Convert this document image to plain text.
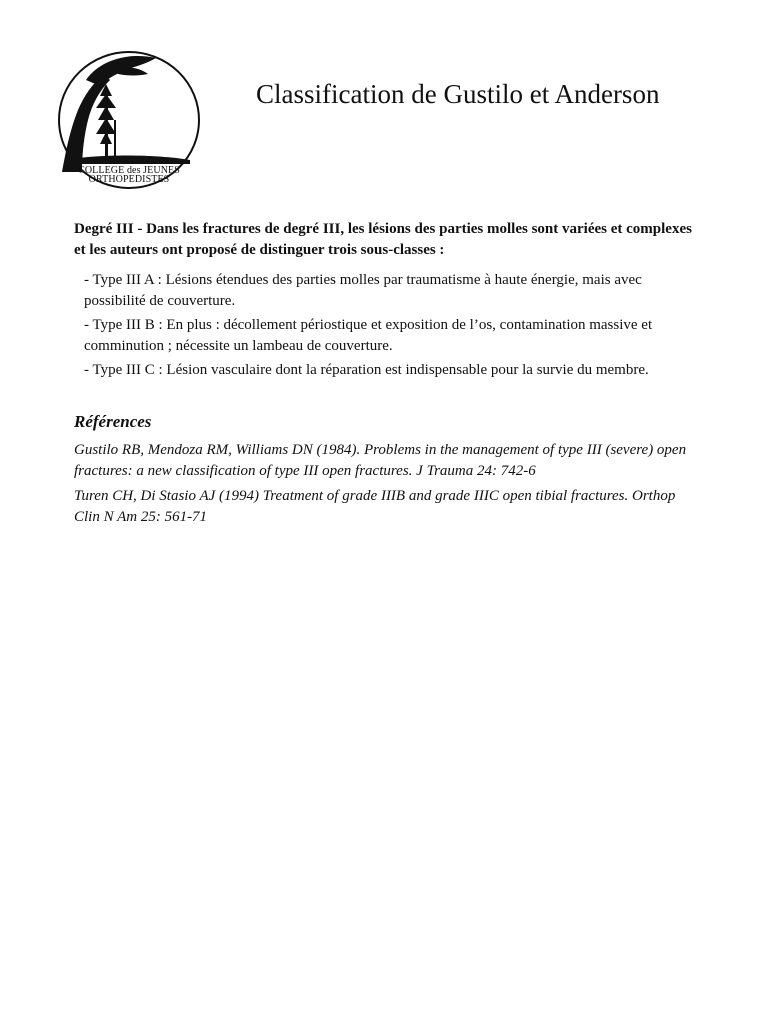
COLLEGE des JEUNES
ORTHOPEDISTES
Classification de Gustilo et Anderson

Degré III - Dans les fractures de degré III, les lésions des parties molles sont variées et complexes et les auteurs ont proposé de distinguer trois sous-classes :

- Type III A : Lésions étendues des parties molles par traumatisme à haute énergie, mais avec possibilité de couverture.
- Type III B : En plus : décollement périostique et exposition de l’os, contamination massive et comminution ; nécessite un lambeau de couverture.
- Type III C : Lésion vasculaire dont la réparation est indispensable pour la survie du membre.
Références
Gustilo RB, Mendoza RM, Williams DN (1984). Problems in the management of type III (severe) open fractures: a new classification of type III open fractures. J Trauma 24: 742-6
Turen CH, Di Stasio AJ (1994) Treatment of grade IIIB and grade IIIC open tibial fractures. Orthop Clin N Am 25: 561-71
